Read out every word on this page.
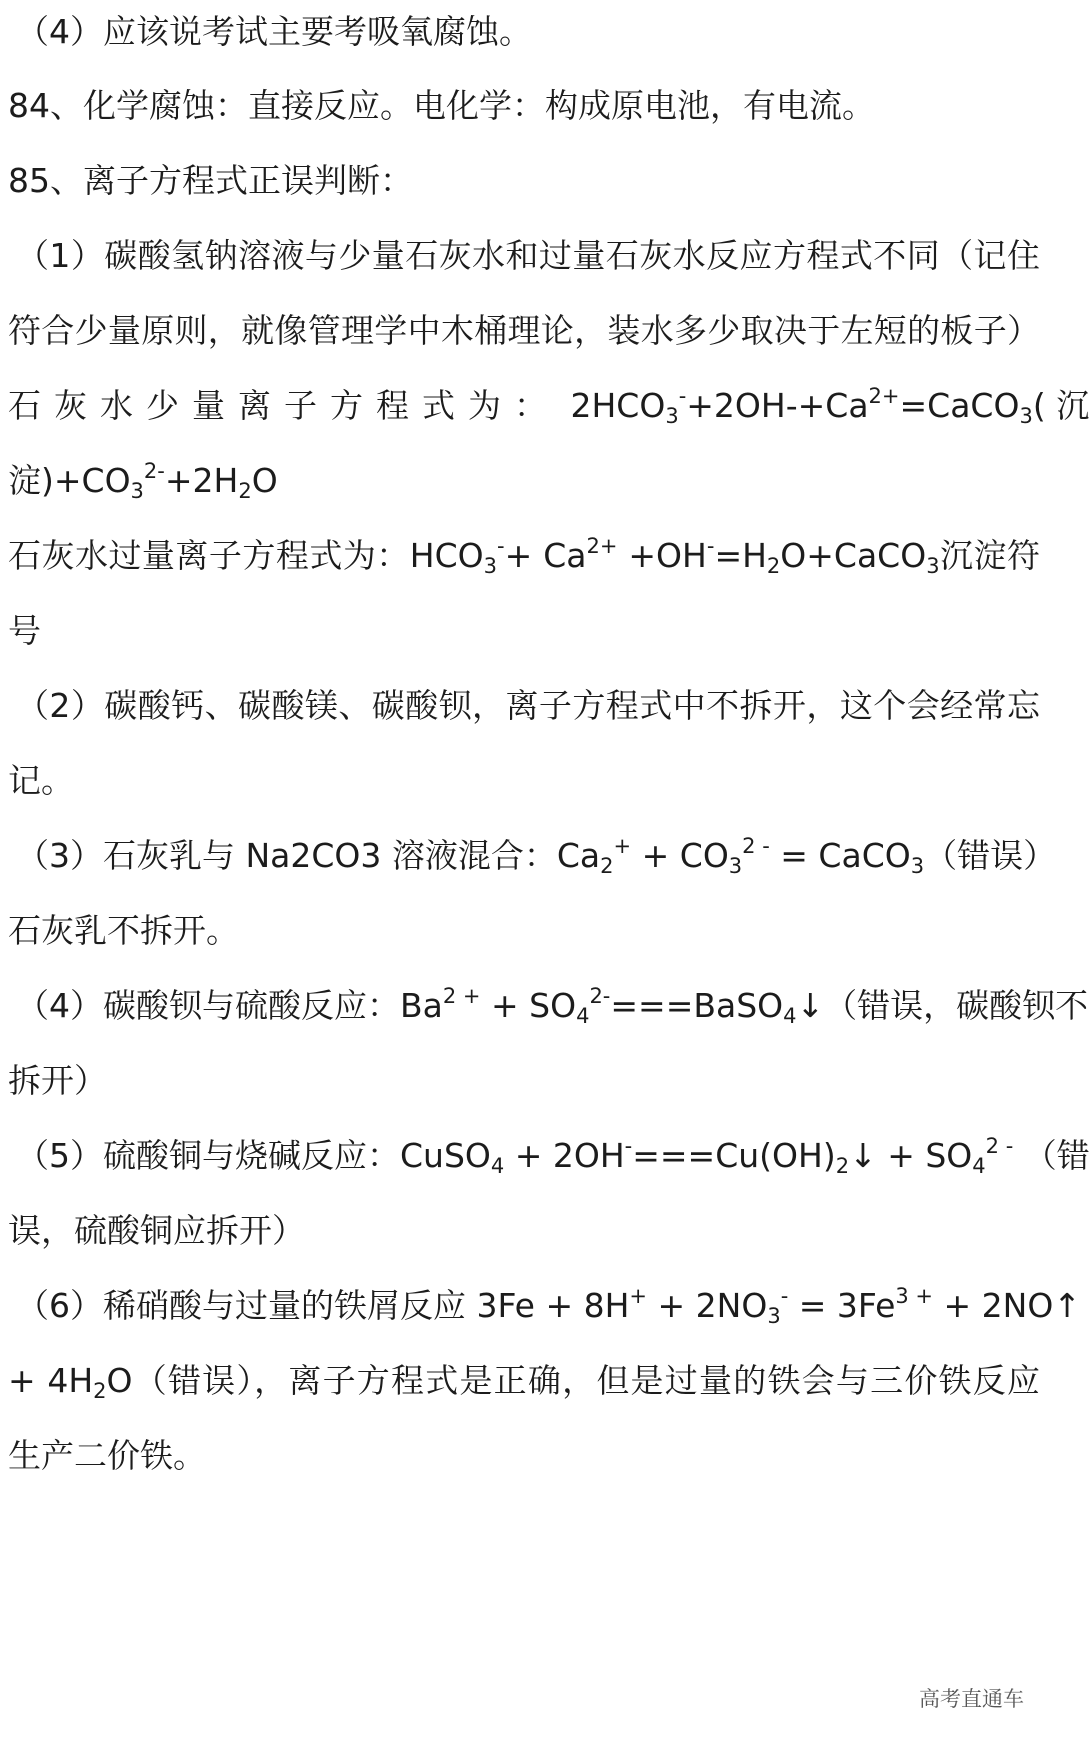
（4）应该说考试主要考吸氧腐蚀。
84、化学腐蚀：直接反应。电化学：构成原电池，有电流。
85、离子方程式正误判断：
（1）碳酸氢钠溶液与少量石灰水和过量石灰水反应方程式不同（记住
符合少量原则，就像管理学中木桶理论，装水多少取决于左短的板子）
石灰水少量离子方程式为： $2HCO_3^-+2OH-+Ca^{2+}=CaCO_3$( 沉
淀)$+CO_3^{2-}+2H_2O$
石灰水过量离子方程式为：$HCO_3^-+ Ca^{2+}$ $+OH^-=H_2O+CaCO_3$沉淀符
号
（2）碳酸钙、碳酸镁、碳酸钡，离子方程式中不拆开，这个会经常忘
记。
（3）石灰乳与 Na2CO3 溶液混合：$Ca_2^+ + CO_3^{2 -}$ = CaCO$_3$（错误）
石灰乳不拆开。
（4）碳酸钡与硫酸反应：$Ba^{2 +}$ + $SO_4^{2-}===BaSO_4↓$（错误，碳酸钡不
拆开）
（5）硫酸铜与烧碱反应：CuSO$_4$ + $2OH^-===Cu(OH)_2↓ + SO_4^{2 -}$ （错
误，硫酸铜应拆开）
（6）稀硝酸与过量的铁屑反应 $3Fe + 8H^+ + 2NO_3^- = 3Fe^{3 +}$ + 2NO↑
+ $4H_2O$（错误），离子方程式是正确，但是过量的铁会与三价铁反应
生产二价铁。
高考直通车
